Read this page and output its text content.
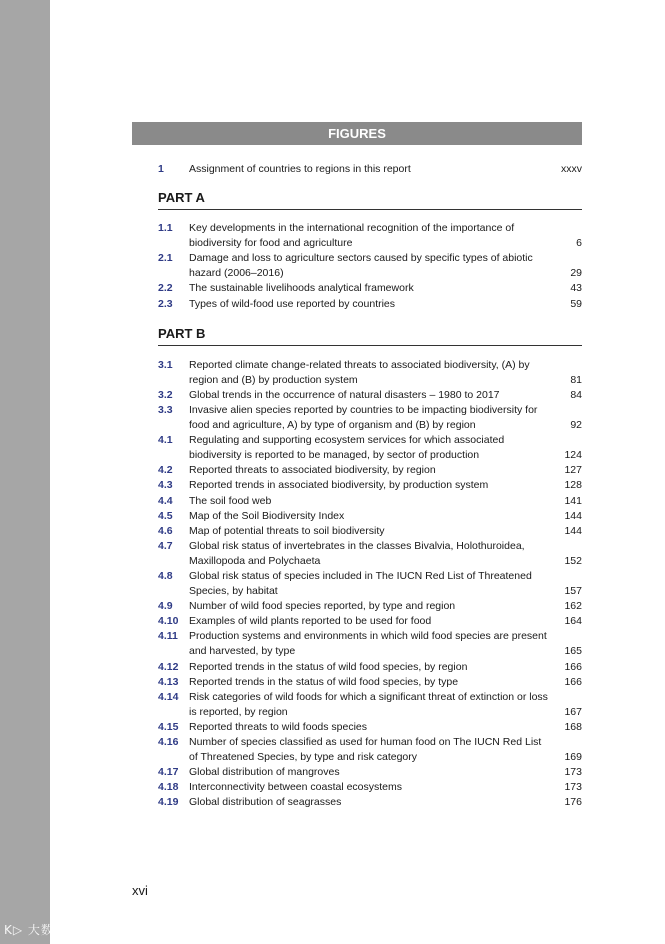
K▷ 大数跨境
FIGURES
1	Assignment of countries to regions in this report	xxxv
PART A
1.1	Key developments in the international recognition of the importance of biodiversity for food and agriculture	6
2.1	Damage and loss to agriculture sectors caused by specific types of abiotic hazard (2006–2016)	29
2.2	The sustainable livelihoods analytical framework	43
2.3	Types of wild-food use reported by countries	59
PART B
3.1	Reported climate change-related threats to associated biodiversity, (A) by region and (B) by production system	81
3.2	Global trends in the occurrence of natural disasters – 1980 to 2017	84
3.3	Invasive alien species reported by countries to be impacting biodiversity for food and agriculture, A) by type of organism and (B) by region	92
4.1	Regulating and supporting ecosystem services for which associated biodiversity is reported to be managed, by sector of production	124
4.2	Reported threats to associated biodiversity, by region	127
4.3	Reported trends in associated biodiversity, by production system	128
4.4	The soil food web	141
4.5	Map of the Soil Biodiversity Index	144
4.6	Map of potential threats to soil biodiversity	144
4.7	Global risk status of invertebrates in the classes Bivalvia, Holothuroidea, Maxillopoda and Polychaeta	152
4.8	Global risk status of species included in The IUCN Red List of Threatened Species, by habitat	157
4.9	Number of wild food species reported, by type and region	162
4.10	Examples of wild plants reported to be used for food	164
4.11	Production systems and environments in which wild food species are present and harvested, by type	165
4.12	Reported trends in the status of wild food species, by region	166
4.13	Reported trends in the status of wild food species, by type	166
4.14	Risk categories of wild foods for which a significant threat of extinction or loss is reported, by region	167
4.15	Reported threats to wild foods species	168
4.16	Number of species classified as used for human food on The IUCN Red List of Threatened Species, by type and risk category	169
4.17	Global distribution of mangroves	173
4.18	Interconnectivity between coastal ecosystems	173
4.19	Global distribution of seagrasses	176
xvi
